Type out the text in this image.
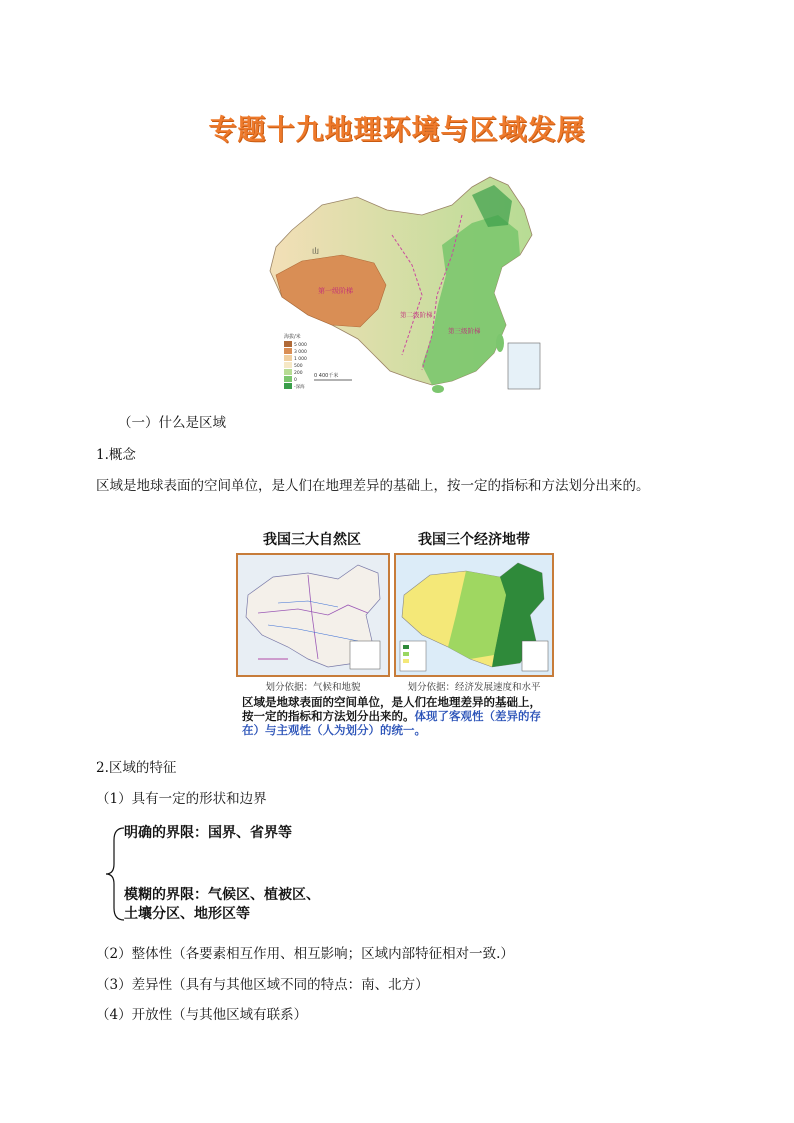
专题十九地理环境与区域发展
第一级阶梯
第二级阶梯
第三级阶梯
山
海拔/米
5 000
3 000
1 000
500
200
0
-深海
0 400千米
（一）什么是区域
1.概念
区域是地球表面的空间单位，是人们在地理差异的基础上，按一定的指标和方法划分出来的。
我国三大自然区	我国三个经济地带
划分依据：气候和地貌	划分依据：经济发展速度和水平
区域是地球表面的空间单位，是人们在地理差异的基础上，按一定的指标和方法划分出来的。体现了客观性（差异的存在）与主观性（人为划分）的统一。
2.区域的特征
（1）具有一定的形状和边界
明确的界限：国界、省界等
模糊的界限：气候区、植被区、
土壤分区、地形区等
（2）整体性（各要素相互作用、相互影响；区域内部特征相对一致.）
（3）差异性（具有与其他区域不同的特点：南、北方）
（4）开放性（与其他区域有联系）
